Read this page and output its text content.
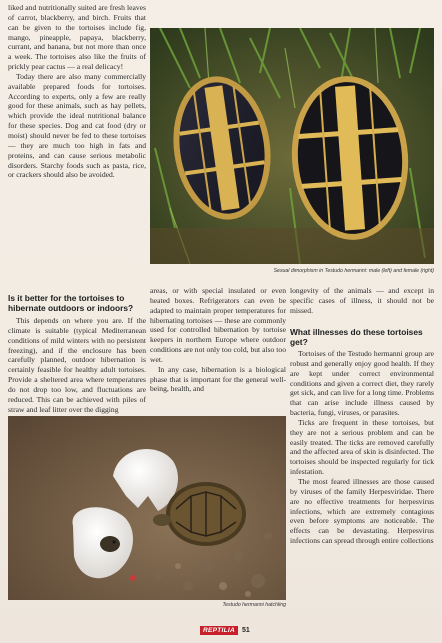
liked and nutritionally suited are fresh leaves of carrot, blackberry, and birch. Fruits that can be given to the tortoises include fig, mango, pineapple, papaya, blackberry, currant, and banana, but not more than once a week. The tortoises also like the fruits of prickly pear cactus — a real delicacy!

Today there are also many commercially available prepared foods for tortoises. According to experts, only a few are really good for these animals, such as hay pellets, which provide the ideal nutritional balance for these species. Dog and cat food (dry or moist) should never be fed to these tortoises — they are much too high in fats and proteins, and can cause serious metabolic disorders. Starchy foods such as pasta, rice, or crackers should also be avoided.

Sexual dimorphism in Testudo hermanni: male (left) and female (right)
Is it better for the tortoises to hibernate outdoors or indoors?

This depends on where you are. If the climate is suitable (typical Mediterranean conditions of mild winters with no persistent freezing), and if the enclosure has been carefully planned, outdoor hibernation is certainly feasible for healthy adult tortoises. Provide a sheltered area where temperatures do not drop too low, and fluctuations are reduced. This can be achieved with piles of straw and leaf litter over the digging

areas, or with special insulated or even heated boxes. Refrigerators can even be adapted to maintain proper temperatures for hibernating tortoises — these are commonly used for controlled hibernation by tortoise keepers in northern Europe where outdoor conditions are not only too cold, but also too wet.

In any case, hibernation is a biological phase that is important for the general well-being, health, and

longevity of the animals — and except in specific cases of illness, it should not be missed.

What illnesses do these tortoises get?

Tortoises of the Testudo hermanni group are robust and generally enjoy good health. If they are kept under correct environmental conditions and given a correct diet, they rarely get sick, and can live for a long time. Problems that can arise include illness caused by bacteria, fungi, viruses, or parasites.

Ticks are frequent in these tortoises, but they are not a serious problem and can be easily treated. The ticks are removed carefully and the affected area of skin is disinfected. The tortoises should be inspected regularly for tick infestation.

The most feared illnesses are those caused by viruses of the family Herpesviridae. There are no effective treatments for herpesvirus infections, which are extremely contagious even before symptoms are noticeable. The effects can be devastating. Herpesvirus infections can spread through entire collections

Testudo hermanni hatchling
REPTILIA	51
